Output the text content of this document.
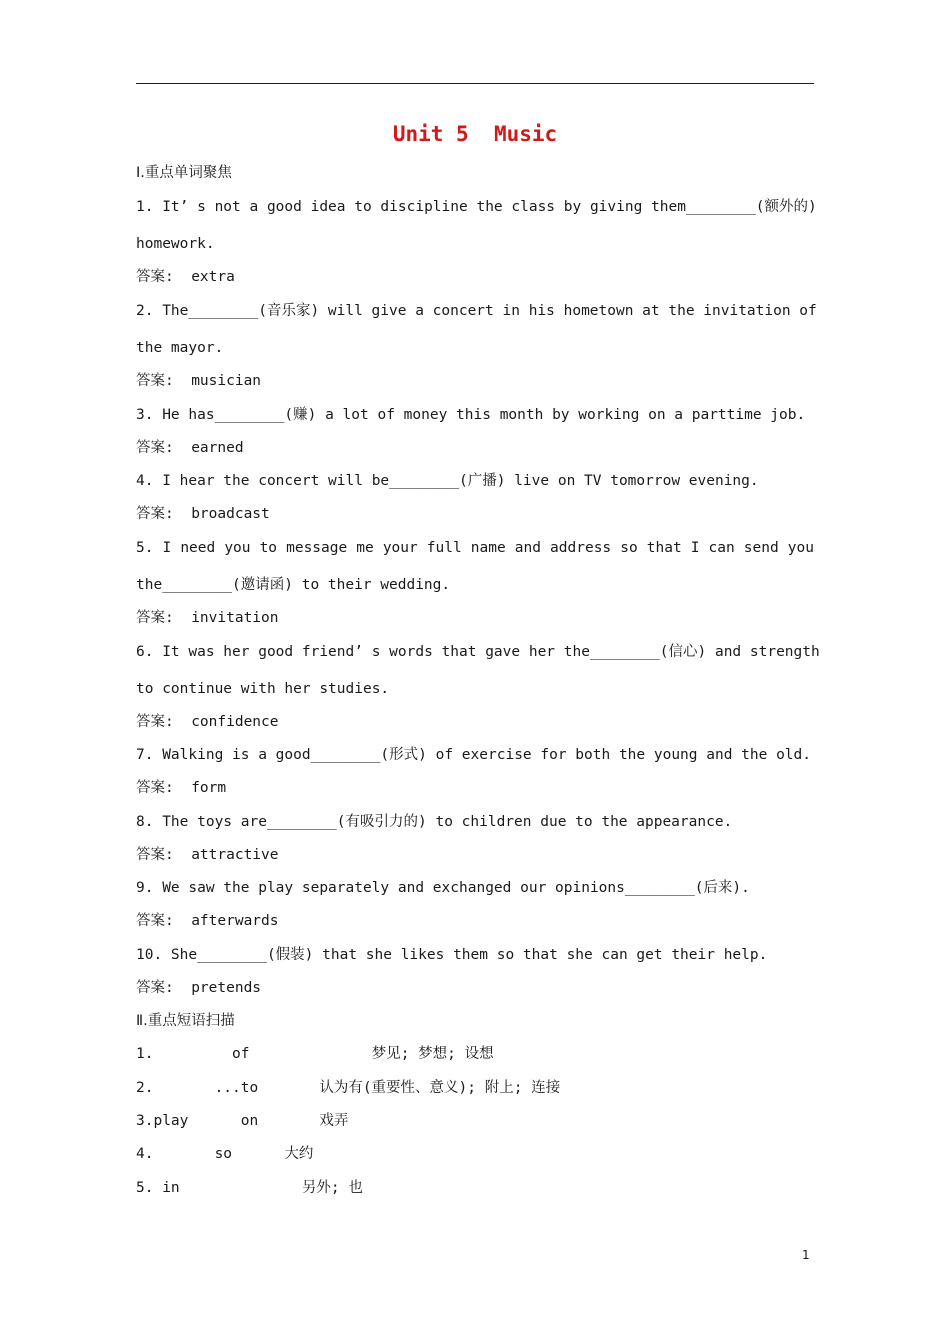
Unit 5  Music
Ⅰ.重点单词聚焦
1. It’ s not a good idea to discipline the class by giving them________(额外的)
homework.
答案:  extra
2. The________(音乐家) will give a concert in his hometown at the invitation of
the mayor.
答案:  musician
3. He has________(赚) a lot of money this month by working on a parttime job.
答案:  earned
4. I hear the concert will be________(广播) live on TV tomorrow evening.
答案:  broadcast
5. I need you to message me your full name and address so that I can send you
the________(邀请函) to their wedding.
答案:  invitation
6. It was her good friend’ s words that gave her the________(信心) and strength
to continue with her studies.
答案:  confidence
7. Walking is a good________(形式) of exercise for both the young and the old.
答案:  form
8. The toys are________(有吸引力的) to children due to the appearance.
答案:  attractive
9. We saw the play separately and exchanged our opinions________(后来).
答案:  afterwards
10. She________(假装) that she likes them so that she can get their help.
答案:  pretends
Ⅱ.重点短语扫描
1.         of              梦见; 梦想; 设想
2.       ...to       认为有(重要性、意义); 附上; 连接
3.play      on       戏弄
4.       so      大约
5. in              另外; 也
1
